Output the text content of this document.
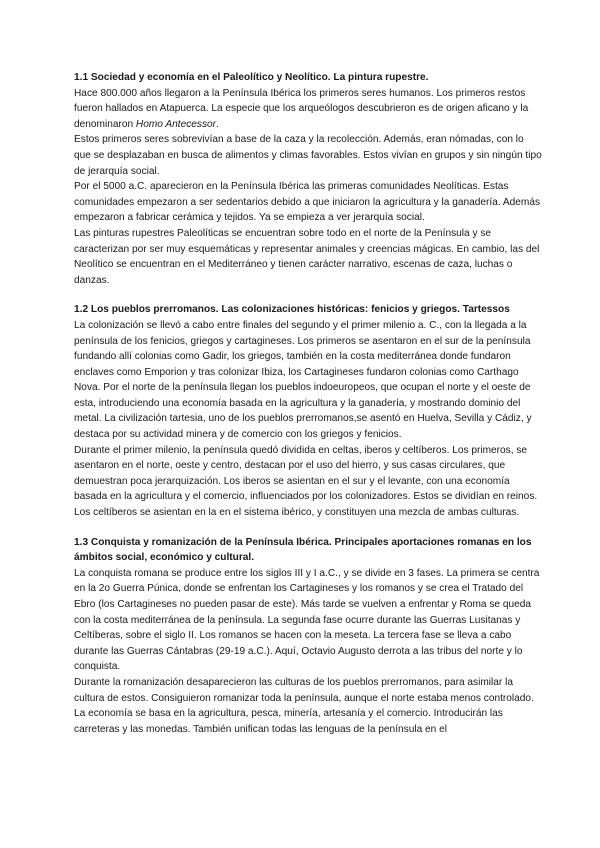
1.1 Sociedad y economía en el Paleolítico y Neolítico. La pintura rupestre.

Hace 800.000 años llegaron a la Península Ibérica los primeros seres humanos. Los primeros restos fueron hallados en Atapuerca. La especie que los arqueólogos descubrieron es de origen aficano y la denominaron Homo Antecessor.

Estos primeros seres sobrevivían a base de la caza y la recolección. Además, eran nómadas, con lo que se desplazaban en busca de alimentos y climas favorables. Estos vivían en grupos y sin ningún tipo de jerarquía social.

Por el 5000 a.C. aparecieron en la Península Ibérica las primeras comunidades Neolíticas. Estas comunidades empezaron a ser sedentarios debido a que iniciaron la agricultura y la ganadería. Además empezaron a fabricar cerámica y tejidos. Ya se empieza a ver jerarquía social.

Las pinturas rupestres Paleolíticas se encuentran sobre todo en el norte de la Península y se caracterizan por ser muy esquemáticas y representar animales y creencias mágicas. En cambio, las del Neolítico se encuentran en el Mediterráneo y tienen carácter narrativo, escenas de caza, luchas o danzas.

1.2 Los pueblos prerromanos. Las colonizaciones históricas: fenicios y griegos. Tartessos

La colonización se llevó a cabo entre finales del segundo y el primer milenio a. C., con la llegada a la península de los fenicios, griegos y cartagineses. Los primeros se asentaron en el sur de la península fundando allí colonias como Gadir, los griegos, también en la costa mediterránea donde fundaron enclaves como Emporion y tras colonizar Ibiza, los Cartagineses fundaron colonias como Carthago Nova. Por el norte de la península llegan los pueblos indoeuropeos, que ocupan el norte y el oeste de esta, introduciendo una economía basada en la agricultura y la ganadería, y mostrando dominio del metal. La civilización tartesia, uno de los pueblos prerromanos,se asentó en Huelva, Sevilla y Cádiz, y destaca por su actividad minera y de comercio con los griegos y fenicios.

Durante el primer milenio, la península quedó dividida en celtas, iberos y celtíberos. Los primeros, se asentaron en el norte, oeste y centro, destacan por el uso del hierro, y sus casas circulares, que demuestran poca jerarquización. Los iberos se asientan en el sur y el levante, con una economía basada en la agricultura y el comercio, influenciados por los colonizadores. Estos se dividían en reinos. Los celtíberos se asientan en la en el sistema ibérico, y constituyen una mezcla de ambas culturas.

1.3 Conquista y romanización de la Península Ibérica. Principales aportaciones romanas en los ámbitos social, económico y cultural.

La conquista romana se produce entre los siglos III y I a.C., y se divide en 3 fases. La primera se centra en la 2o Guerra Púnica, donde se enfrentan los Cartagineses y los romanos y se crea el Tratado del Ebro (los Cartagineses no pueden pasar de este). Más tarde se vuelven a enfrentar y Roma se queda con la costa mediterránea de la península. La segunda fase ocurre durante las Guerras Lusitanas y Celtíberas, sobre el siglo II. Los romanos se hacen con la meseta. La tercera fase se lleva a cabo durante las Guerras Cántabras (29-19 a.C.). Aquí, Octavio Augusto derrota a las tribus del norte y lo conquista.

Durante la romanización desaparecieron las culturas de los pueblos prerromanos, para asimilar la cultura de estos. Consiguieron romanizar toda la península, aunque el norte estaba menos controlado.

La economía se basa en la agricultura, pesca, minería, artesanía y el comercio. Introducirán las carreteras y las monedas. También unifican todas las lenguas de la península en el
